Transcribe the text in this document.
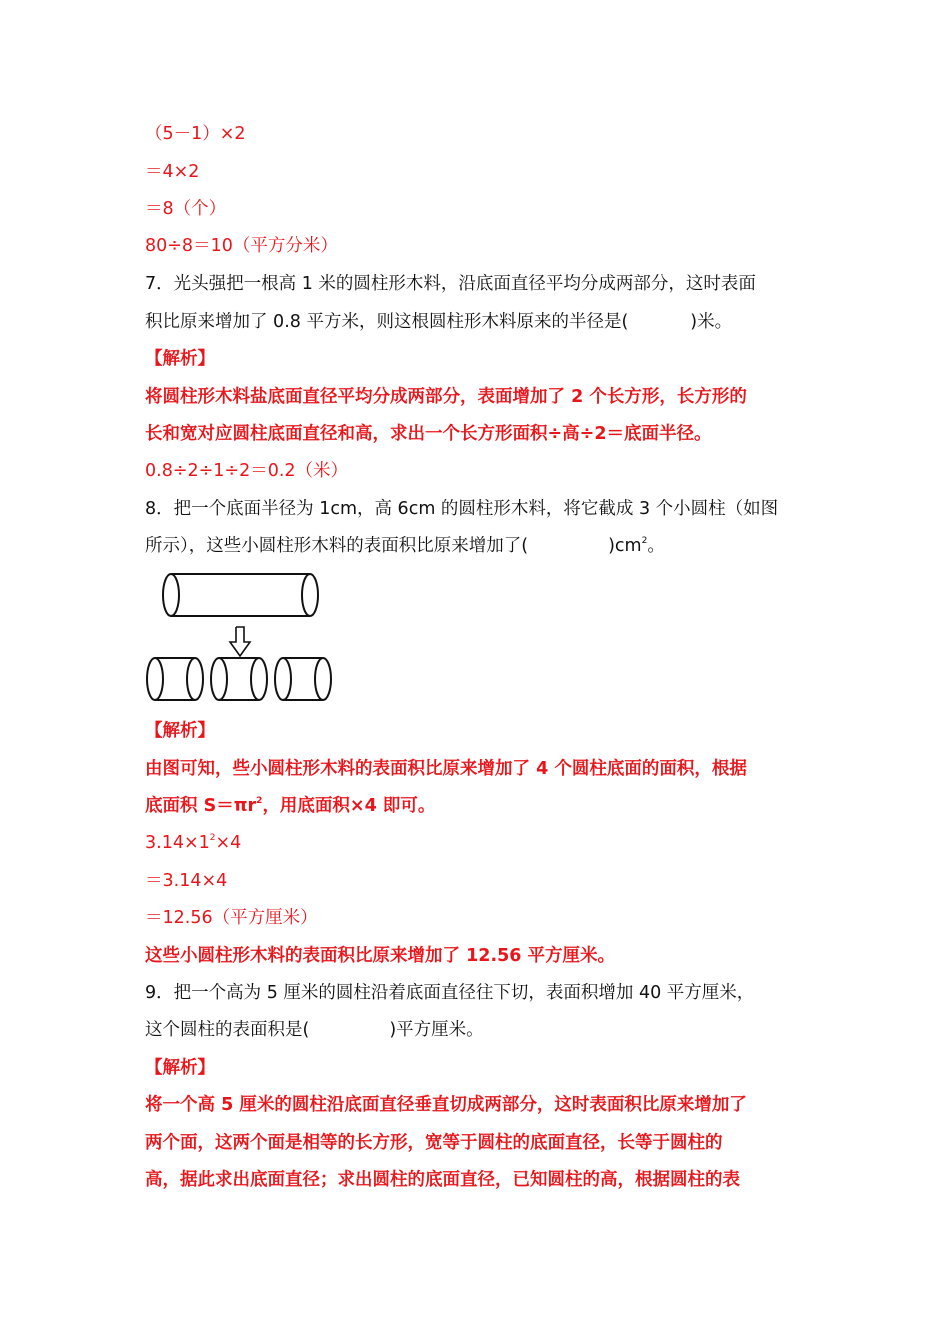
（5－1）×2
＝4×2
＝8（个）
80÷8＝10（平方分米）
7．光头强把一根高 1 米的圆柱形木料，沿底面直径平均分成两部分，这时表面
积比原来增加了 0.8 平方米，则这根圆柱形木料原来的半径是(	)米。
【解析】
将圆柱形木料盐底面直径平均分成两部分，表面增加了 2 个长方形，长方形的
长和宽对应圆柱底面直径和高，求出一个长方形面积÷高÷2＝底面半径。
0.8÷2÷1÷2＝0.2（米）
8．把一个底面半径为 1cm，高 6cm 的圆柱形木料，将它截成 3 个小圆柱（如图
所示），这些小圆柱形木料的表面积比原来增加了(	)$cm^2$。
【解析】
由图可知，些小圆柱形木料的表面积比原来增加了 4 个圆柱底面的面积，根据
底面积 $S=\pi r^2$，用底面积×4 即可。
$3.14\times 1^2\times 4$
＝3.14×4
＝12.56（平方厘米）
这些小圆柱形木料的表面积比原来增加了 12.56 平方厘米。
9．把一个高为 5 厘米的圆柱沿着底面直径往下切，表面积增加 40 平方厘米，
这个圆柱的表面积是(	)平方厘米。
【解析】
将一个高 5 厘米的圆柱沿底面直径垂直切成两部分，这时表面积比原来增加了
两个面，这两个面是相等的长方形，宽等于圆柱的底面直径，长等于圆柱的
高，据此求出底面直径；求出圆柱的底面直径，已知圆柱的高，根据圆柱的表
